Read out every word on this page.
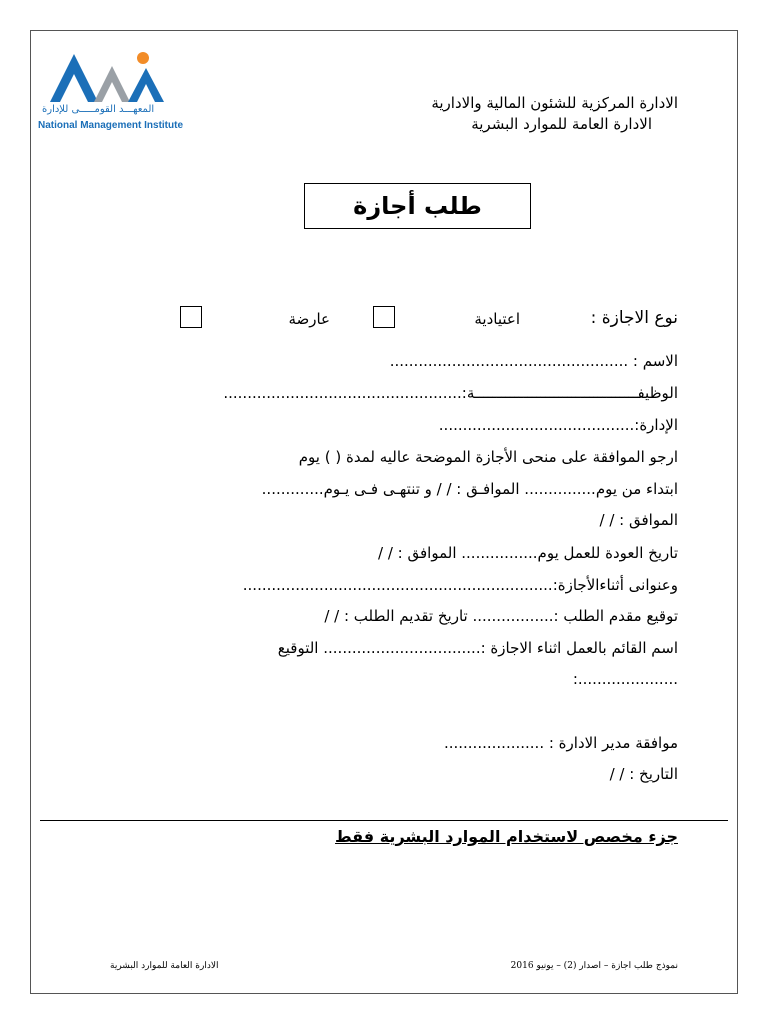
المعهـــد القومـــــى للإدارة
National Management Institute
الادارة المركزية للشئون المالية والادارية
الادارة العامة للموارد البشرية
طلب أجازة
نوع الاجازة :
اعتيادية
عارضة
الاسم : ..................................................
الوظيفـــــــــــــــــــــــــــــــــــــة:..................................................
الإدارة:.........................................
ارجو الموافقة على منحى الأجازة الموضحة عاليه لمدة ( ) يوم
ابتداء من يوم............... الموافـق : / / و تنتهـى فـى يـوم.............
الموافق : / /
تاريخ العودة للعمل يوم................ الموافق : / /
وعنوانى أثناءالأجازة:.................................................................
توقيع مقدم الطلب :................. تاريخ تقديم الطلب : / /
اسم القائم بالعمل اثناء الاجازة :................................. التوقيع
:.....................
موافقة مدير الادارة : .....................
التاريخ : / /
جزء مخصص لاستخدام الموارد البشرية فقط
الادارة العامة للموارد البشرية	نموذج طلب اجازة – اصدار (2) – يونيو 2016
